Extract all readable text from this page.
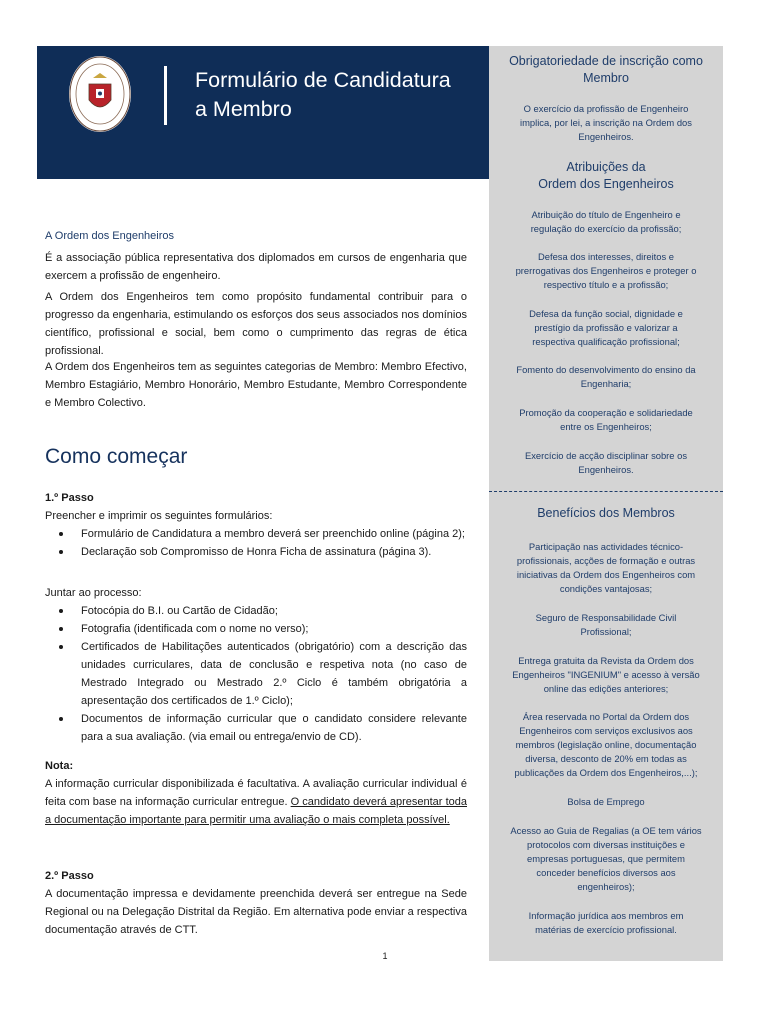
Formulário de Candidatura
a Membro
Obrigatoriedade de inscrição como
Membro
O exercício da profissão de Engenheiro
implica, por lei, a inscrição na Ordem dos
Engenheiros.
Atribuições da
Ordem dos Engenheiros
Atribuição do título de Engenheiro e
regulação do exercício da profissão;
Defesa dos interesses, direitos e
prerrogativas dos Engenheiros e proteger o
respectivo título e a profissão;
Defesa da função social, dignidade e
prestígio da profissão e valorizar a
respectiva qualificação profissional;
Fomento do desenvolvimento do ensino da
Engenharia;
Promoção da cooperação e solidariedade
entre os Engenheiros;
Exercício de acção disciplinar sobre os
Engenheiros.
Benefícios dos Membros
Participação nas actividades técnico-
profissionais, acções de formação e outras
iniciativas da Ordem dos Engenheiros com
condições vantajosas;
Seguro de Responsabilidade Civil
Profissional;
Entrega gratuita da Revista da Ordem dos
Engenheiros "INGENIUM" e acesso à versão
online das edições anteriores;
Área reservada no Portal da Ordem dos
Engenheiros com serviços exclusivos aos
membros (legislação online, documentação
diversa, desconto de 20% em todas as
publicações da Ordem dos Engenheiros,...);
Bolsa de Emprego
Acesso ao Guia de Regalias (a OE tem vários
protocolos com diversas instituições e
empresas portuguesas, que permitem
conceder benefícios diversos aos
engenheiros);
Informação jurídica aos membros em
matérias de exercício profissional.
A Ordem dos Engenheiros
É a associação pública representativa dos diplomados em cursos de engenharia que exercem a profissão de engenheiro.
A Ordem dos Engenheiros tem como propósito fundamental contribuir para o progresso da engenharia, estimulando os esforços dos seus associados nos domínios científico, profissional e social, bem como o cumprimento das regras de ética profissional.
A Ordem dos Engenheiros tem as seguintes categorias de Membro: Membro Efectivo, Membro Estagiário, Membro Honorário, Membro Estudante, Membro Correspondente e Membro Colectivo.
Como começar
1.º Passo
Preencher e imprimir os seguintes formulários:
Formulário de Candidatura a membro deverá ser preenchido online (página 2);
Declaração sob Compromisso de Honra Ficha de assinatura (página 3).
Juntar ao processo:
Fotocópia do B.I. ou Cartão de Cidadão;
Fotografia (identificada com o nome no verso);
Certificados de Habilitações autenticados (obrigatório) com a descrição das unidades curriculares, data de conclusão e respetiva nota (no caso de Mestrado Integrado ou Mestrado 2.º Ciclo é também obrigatória a apresentação dos certificados de 1.º Ciclo);
Documentos de informação curricular que o candidato considere relevante para a sua avaliação. (via email ou entrega/envio de CD).
Nota:
A informação curricular disponibilizada é facultativa. A avaliação curricular individual é feita com base na informação curricular entregue. O candidato deverá apresentar toda a documentação importante para permitir uma avaliação o mais completa possível.
2.º Passo
A documentação impressa e devidamente preenchida deverá ser entregue na Sede Regional ou na Delegação Distrital da Região. Em alternativa pode enviar a respectiva documentação através de CTT.
1
